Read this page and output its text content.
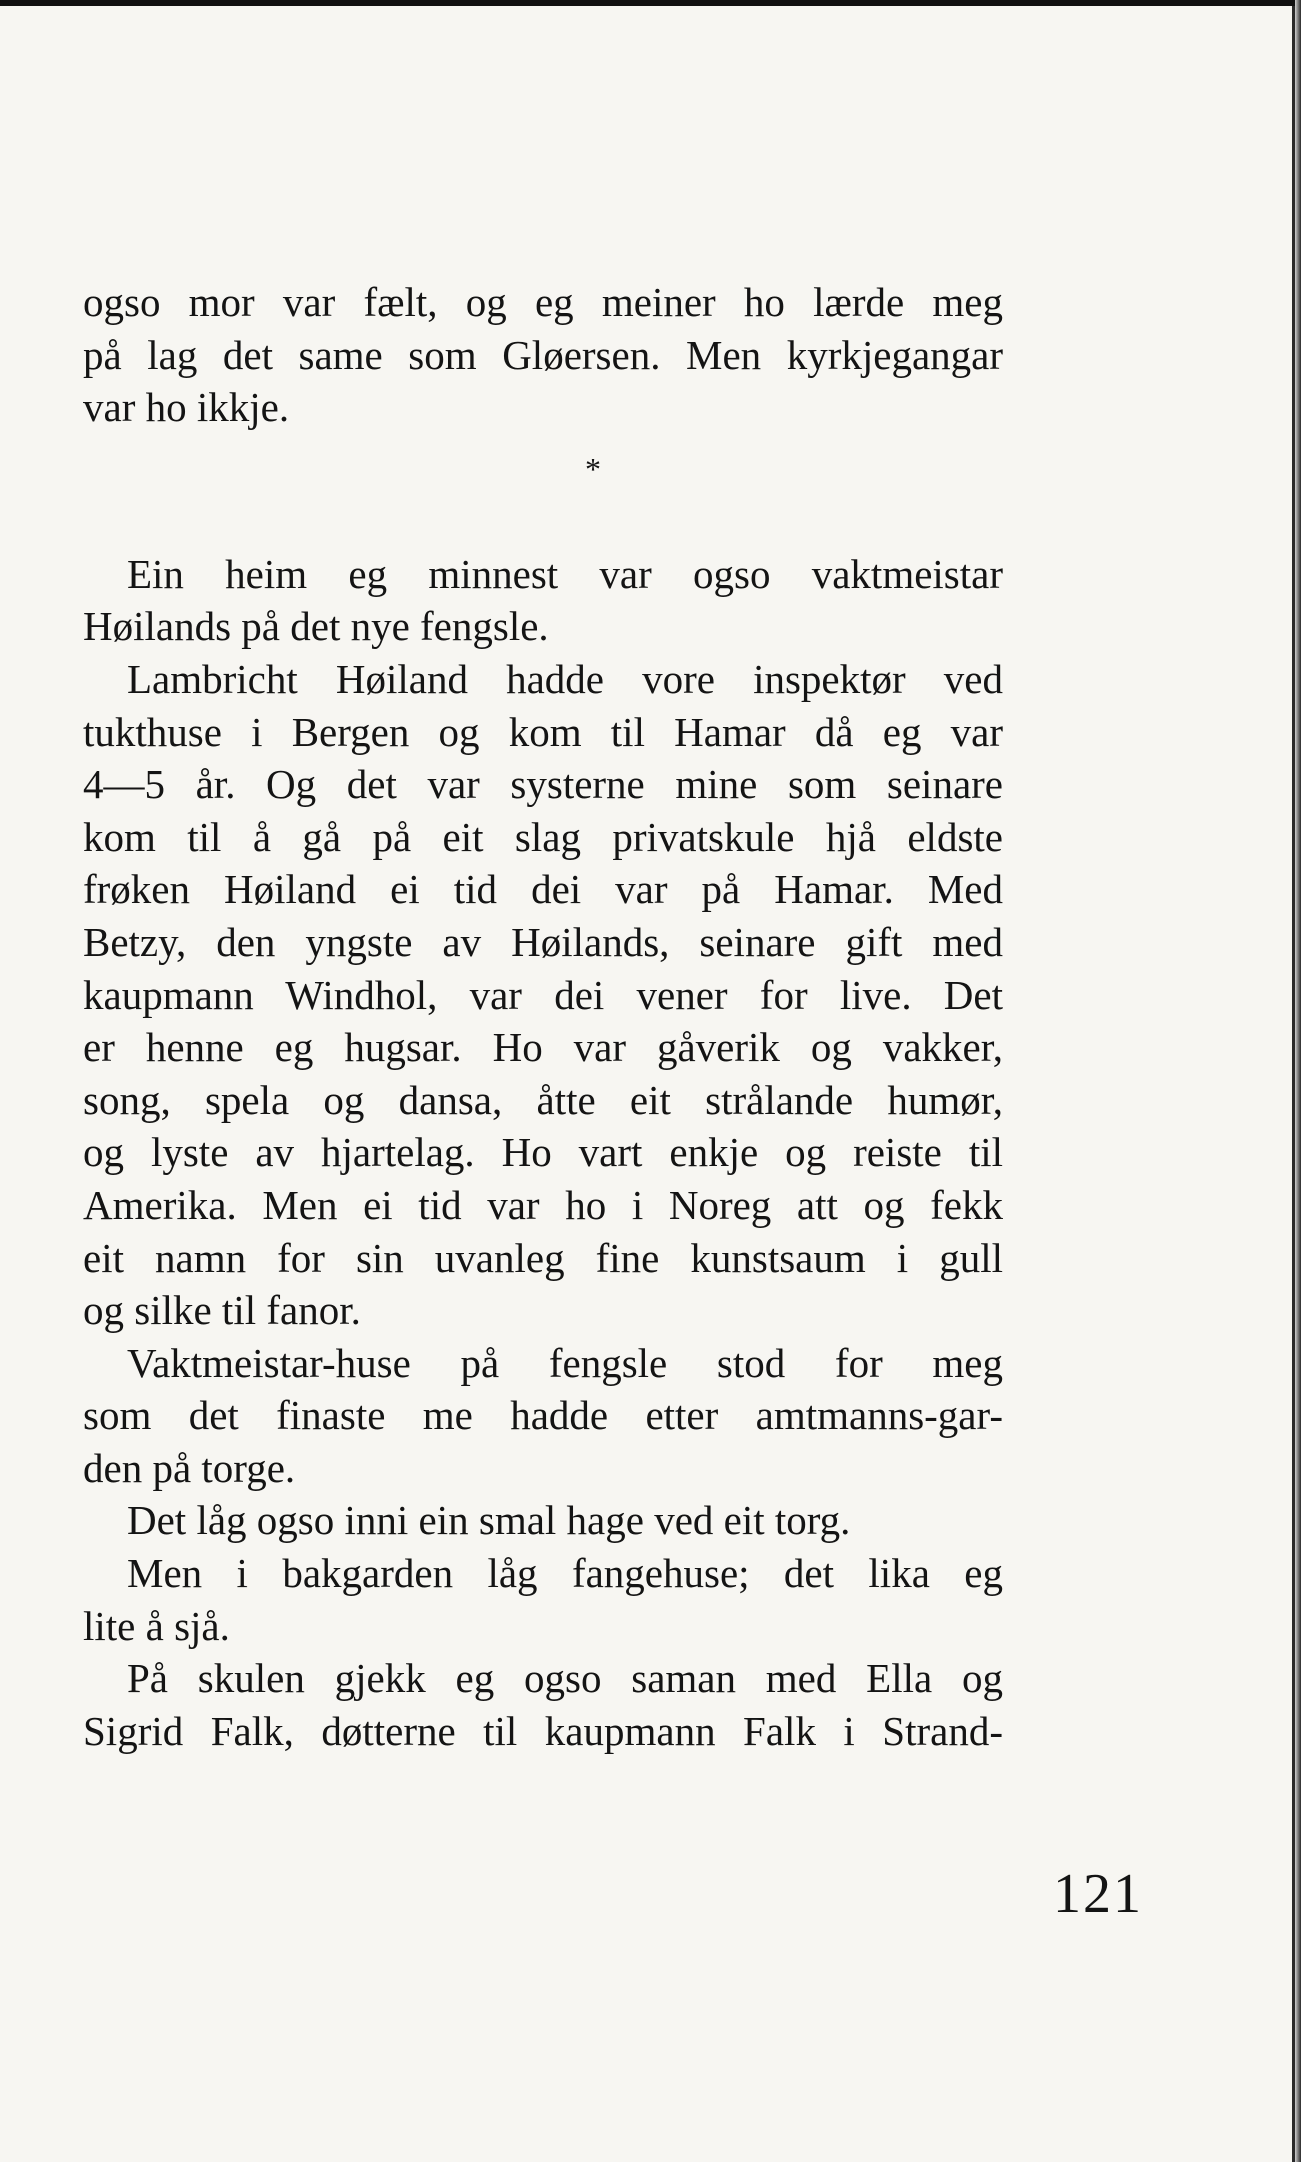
ogso mor var fælt, og eg meiner ho lærde meg
på lag det same som Gløersen. Men kyrkjegangar
var ho ikkje.
*
Ein heim eg minnest var ogso vaktmeistar
Høilands på det nye fengsle.
Lambricht Høiland hadde vore inspektør ved
tukthuse i Bergen og kom til Hamar då eg var
4—5 år. Og det var systerne mine som seinare
kom til å gå på eit slag privatskule hjå eldste
frøken Høiland ei tid dei var på Hamar. Med
Betzy, den yngste av Høilands, seinare gift med
kaupmann Windhol, var dei vener for live. Det
er henne eg hugsar. Ho var gåverik og vakker,
song, spela og dansa, åtte eit strålande humør,
og lyste av hjartelag. Ho vart enkje og reiste til
Amerika. Men ei tid var ho i Noreg att og fekk
eit namn for sin uvanleg fine kunstsaum i gull
og silke til fanor.
Vaktmeistar-huse på fengsle stod for meg
som det finaste me hadde etter amtmanns-gar-
den på torge.
Det låg ogso inni ein smal hage ved eit torg.
Men i bakgarden låg fangehuse; det lika eg
lite å sjå.
På skulen gjekk eg ogso saman med Ella og
Sigrid Falk, døtterne til kaupmann Falk i Strand-
121
